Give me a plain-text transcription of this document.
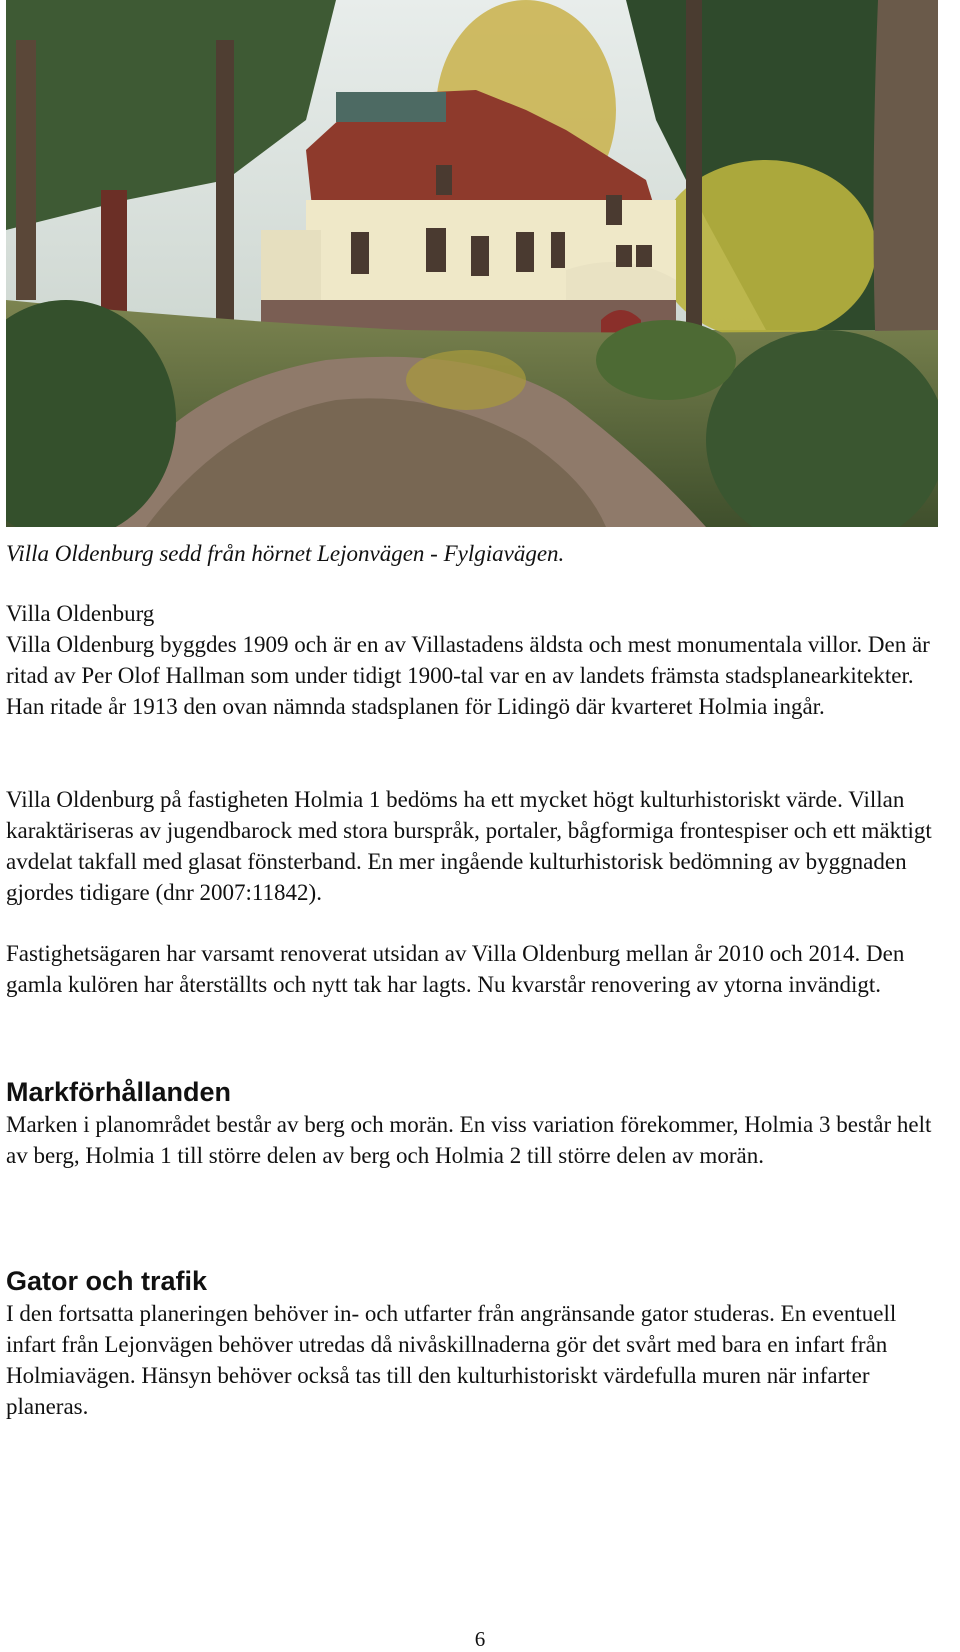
Villa Oldenburg sedd från hörnet Lejonvägen - Fylgiavägen.

Villa Oldenburg

Villa Oldenburg byggdes 1909 och är en av Villastadens äldsta och mest monumentala villor. Den är ritad av Per Olof Hallman som under tidigt 1900-tal var en av landets främsta stadsplanearkitekter. Han ritade år 1913 den ovan nämnda stadsplanen för Lidingö där kvarteret Holmia ingår.

Villa Oldenburg på fastigheten Holmia 1 bedöms ha ett mycket högt kulturhistoriskt värde. Villan karaktäriseras av jugendbarock med stora burspråk, portaler, bågformiga frontespiser och ett mäktigt avdelat takfall med glasat fönsterband. En mer ingående kulturhistorisk bedömning av byggnaden gjordes tidigare (dnr 2007:11842).

Fastighetsägaren har varsamt renoverat utsidan av Villa Oldenburg mellan år 2010 och 2014. Den gamla kulören har återställts och nytt tak har lagts. Nu kvarstår renovering av ytorna invändigt.

Markförhållanden

Marken i planområdet består av berg och morän. En viss variation förekommer, Holmia 3 består helt av berg, Holmia 1 till större delen av berg och Holmia 2 till större delen av morän.

Gator och trafik

I den fortsatta planeringen behöver in- och utfarter från angränsande gator studeras. En eventuell infart från Lejonvägen behöver utredas då nivåskillnaderna gör det svårt med bara en infart från Holmiavägen. Hänsyn behöver också tas till den kulturhistoriskt värdefulla muren när infarter planeras.

6
